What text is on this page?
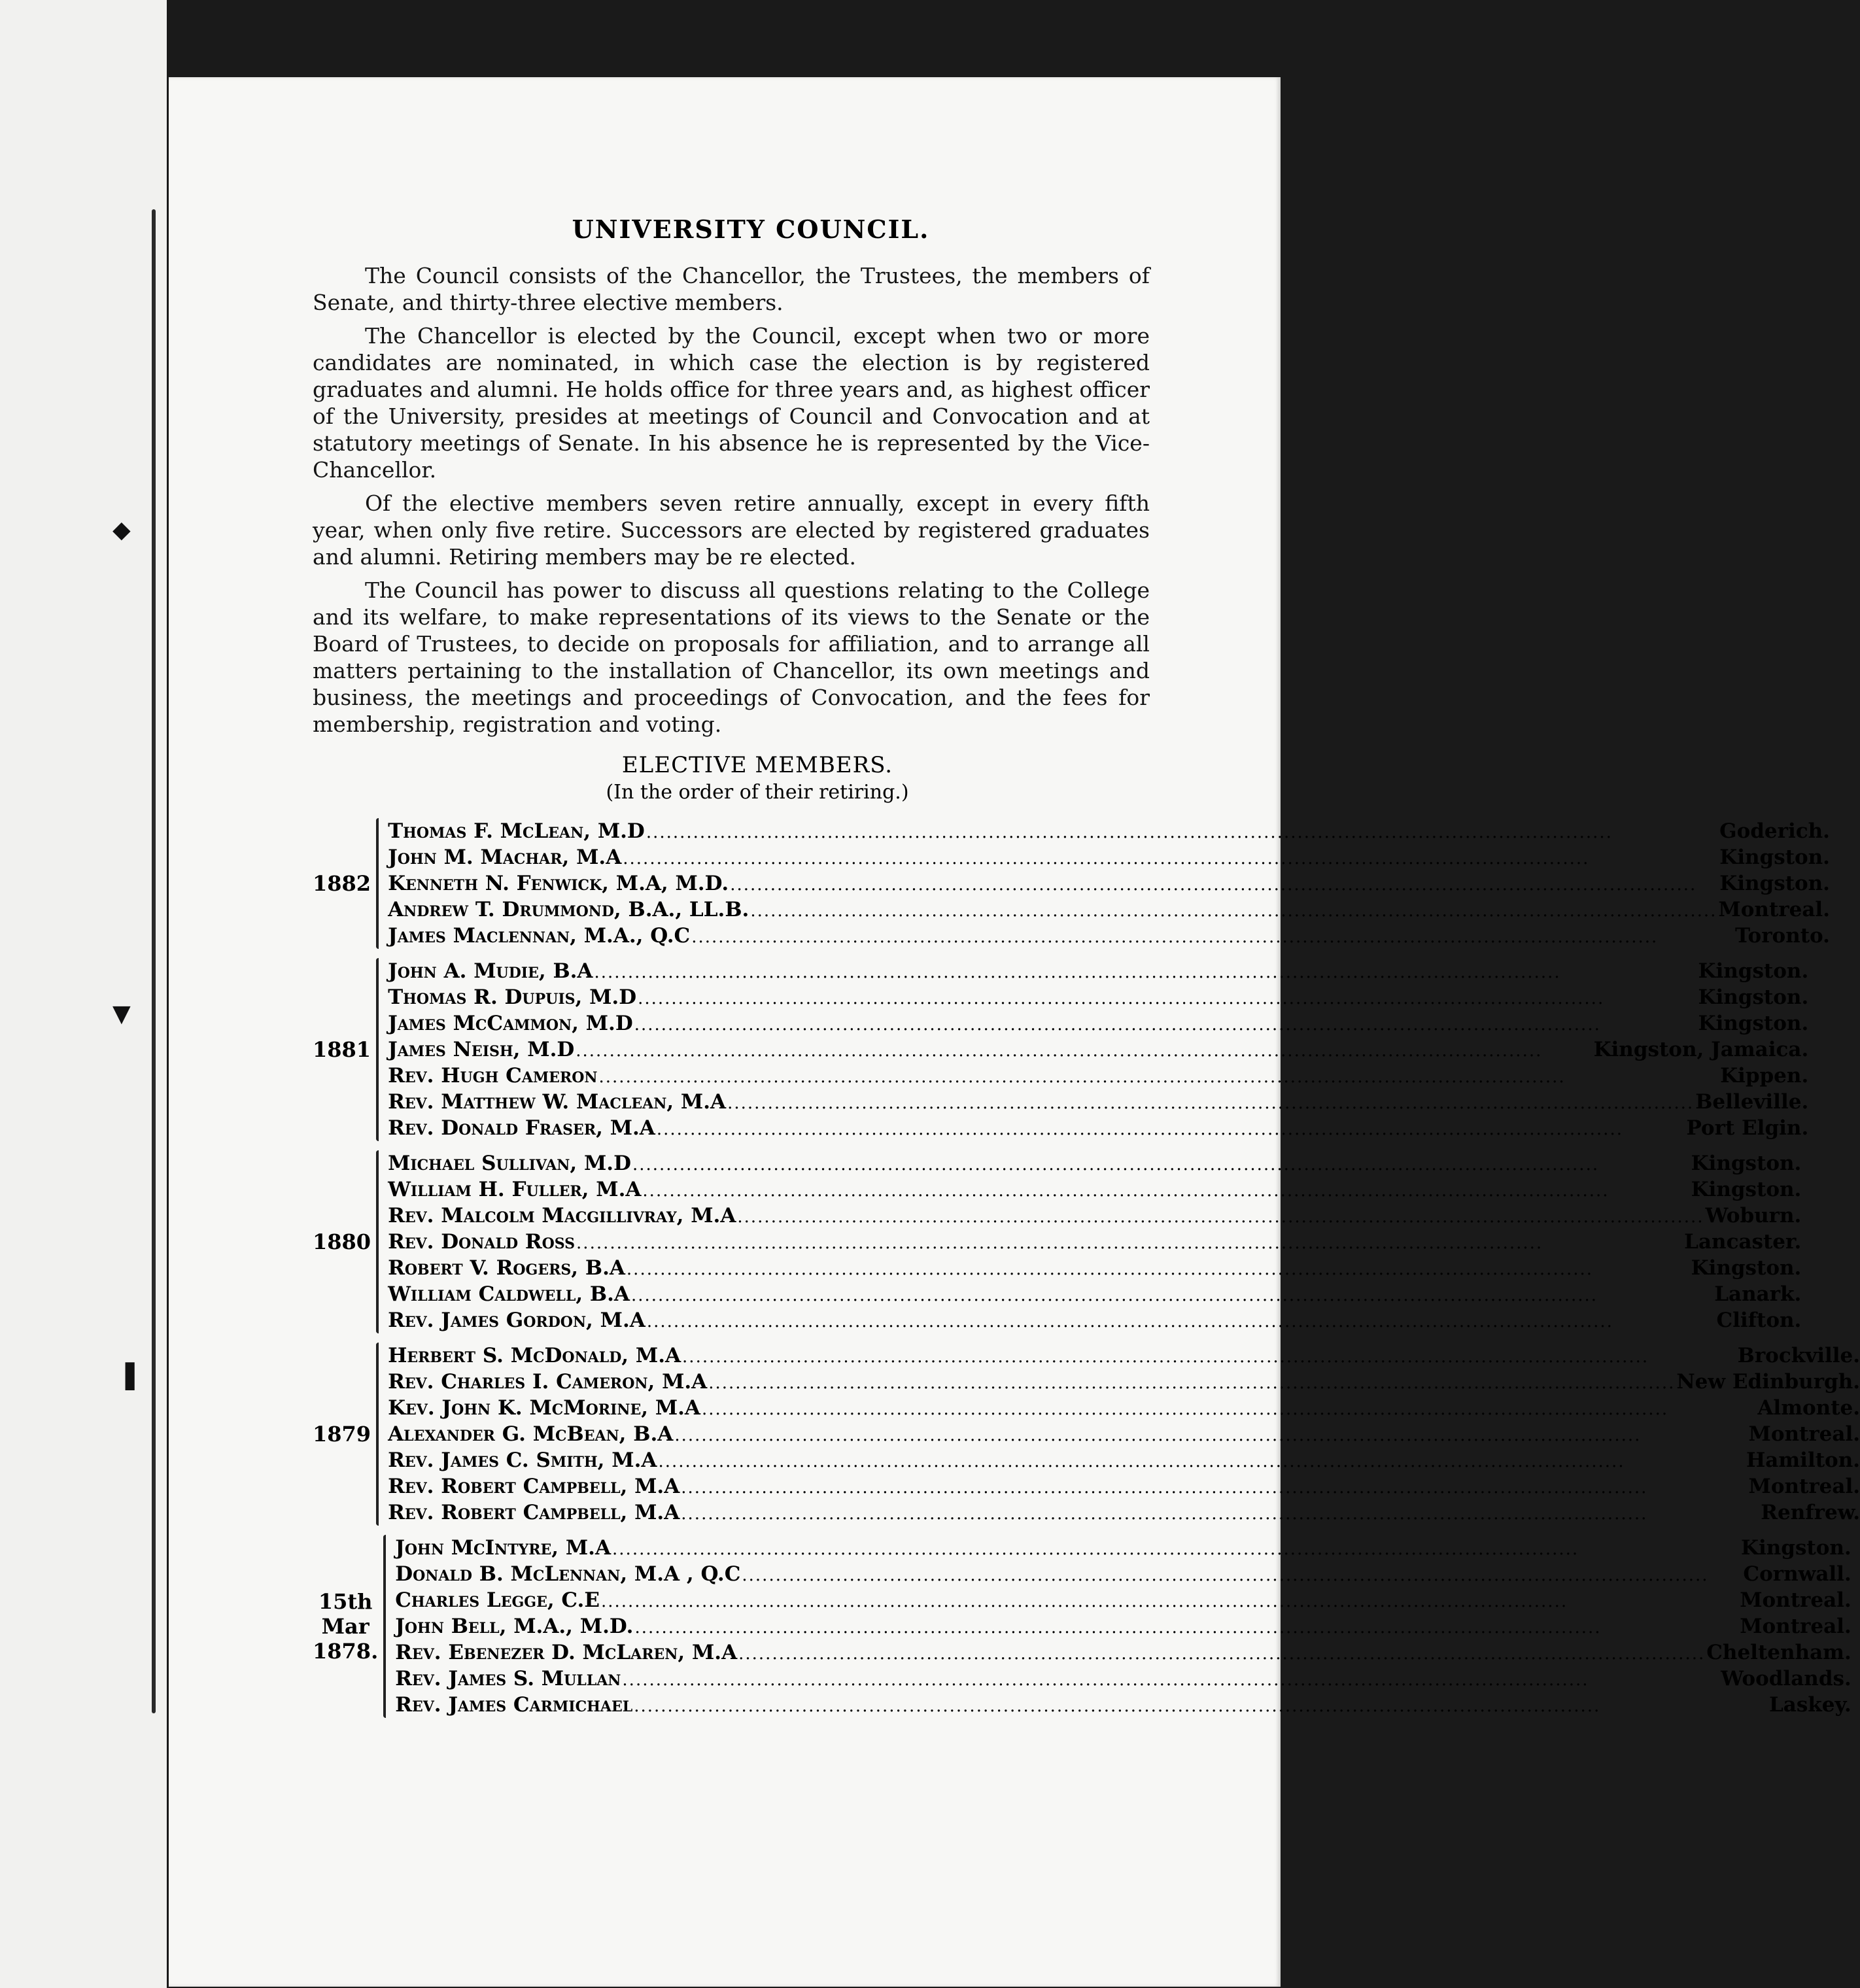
◆
▼
▌
UNIVERSITY COUNCIL.

The Council consists of the Chancellor, the Trustees, the members of Senate, and thirty-three elective members.

The Chancellor is elected by the Council, except when two or more candidates are nominated, in which case the election is by registered graduates and alumni. He holds office for three years and, as highest officer of the University, presides at meetings of Council and Convocation and at statutory meetings of Senate. In his absence he is represented by the Vice-Chancellor.

Of the elective members seven retire annually, except in every fifth year, when only five retire. Successors are elected by registered graduates and alumni. Retiring members may be re elected.

The Council has power to discuss all questions relating to the College and its welfare, to make representations of its views to the Senate or the Board of Trustees, to decide on proposals for affiliation, and to arrange all matters pertaining to the installation of Chancellor, its own meetings and business, the meetings and proceedings of Convocation, and the fees for membership, registration and voting.

ELECTIVE MEMBERS.
(In the order of their retiring.)
1882
Thomas F. McLean, M.D .....	Goderich.
John M. Machar, M.A .....	Kingston.
Kenneth N. Fenwick, M.A, M.D. .....	Kingston.
Andrew T. Drummond, B.A., LL.B. .....	Montreal.
James Maclennan, M.A., Q.C .....	Toronto.
1881
John A. Mudie, B.A .....	Kingston.
Thomas R. Dupuis, M.D .....	Kingston.
James McCammon, M.D .....	Kingston.
James Neish, M.D .....	Kingston, Jamaica.
Rev. Hugh Cameron .....	Kippen.
Rev. Matthew W. Maclean, M.A .....	Belleville.
Rev. Donald Fraser, M.A .....	Port Elgin.
1880
Michael Sullivan, M.D .....	Kingston.
William H. Fuller, M.A .....	Kingston.
Rev. Malcolm Macgillivray, M.A .....	Woburn.
Rev. Donald Ross .....	Lancaster.
Robert V. Rogers, B.A .....	Kingston.
William Caldwell, B.A .....	Lanark.
Rev. James Gordon, M.A .....	Clifton.
1879
Herbert S. McDonald, M.A .....	Brockville.
Rev. Charles I. Cameron, M.A .....	New Edinburgh.
Kev. John K. McMorine, M.A .....	Almonte.
Alexander G. McBean, B.A .....	Montreal.
Rev. James C. Smith, M.A .....	Hamilton.
Rev. Robert Campbell, M.A .....	Montreal.
Rev. Robert Campbell, M.A .....	Renfrew.
15th Mar 1878.
John McIntyre, M.A .....	Kingston.
Donald B. McLennan, M.A , Q.C .....	Cornwall.
Charles Legge, C.E .....	Montreal.
John Bell, M.A., M.D. .....	Montreal.
Rev. Ebenezer D. McLaren, M.A .....	Cheltenham.
Rev. James S. Mullan .....	Woodlands.
Rev. James Carmichael .....	Laskey.
